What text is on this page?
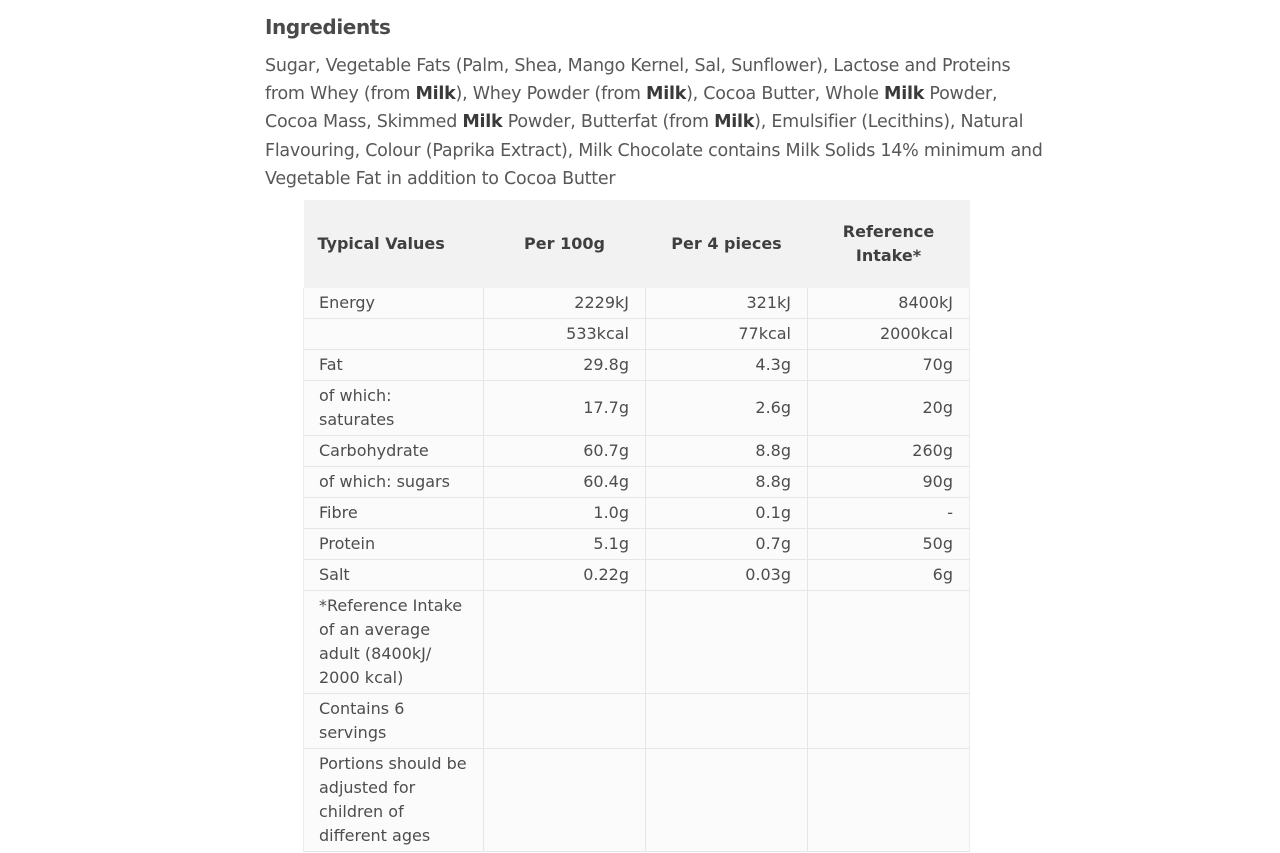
Ingredients

Sugar, Vegetable Fats (Palm, Shea, Mango Kernel, Sal, Sunflower), Lactose and Proteins from Whey (from Milk), Whey Powder (from Milk), Cocoa Butter, Whole Milk Powder, Cocoa Mass, Skimmed Milk Powder, Butterfat (from Milk), Emulsifier (Lecithins), Natural Flavouring, Colour (Paprika Extract), Milk Chocolate contains Milk Solids 14% minimum and Vegetable Fat in addition to Cocoa Butter

Typical Values	Per 100g	Per 4 pieces	Reference Intake*
Energy	2229kJ	321kJ	8400kJ
	533kcal	77kcal	2000kcal
Fat	29.8g	4.3g	70g
of which: saturates	17.7g	2.6g	20g
Carbohydrate	60.7g	8.8g	260g
of which: sugars	60.4g	8.8g	90g
Fibre	1.0g	0.1g	-
Protein	5.1g	0.7g	50g
Salt	0.22g	0.03g	6g
*Reference Intake of an average adult (8400kJ/ 2000 kcal)			
Contains 6 servings			
Portions should be adjusted for children of different ages			
